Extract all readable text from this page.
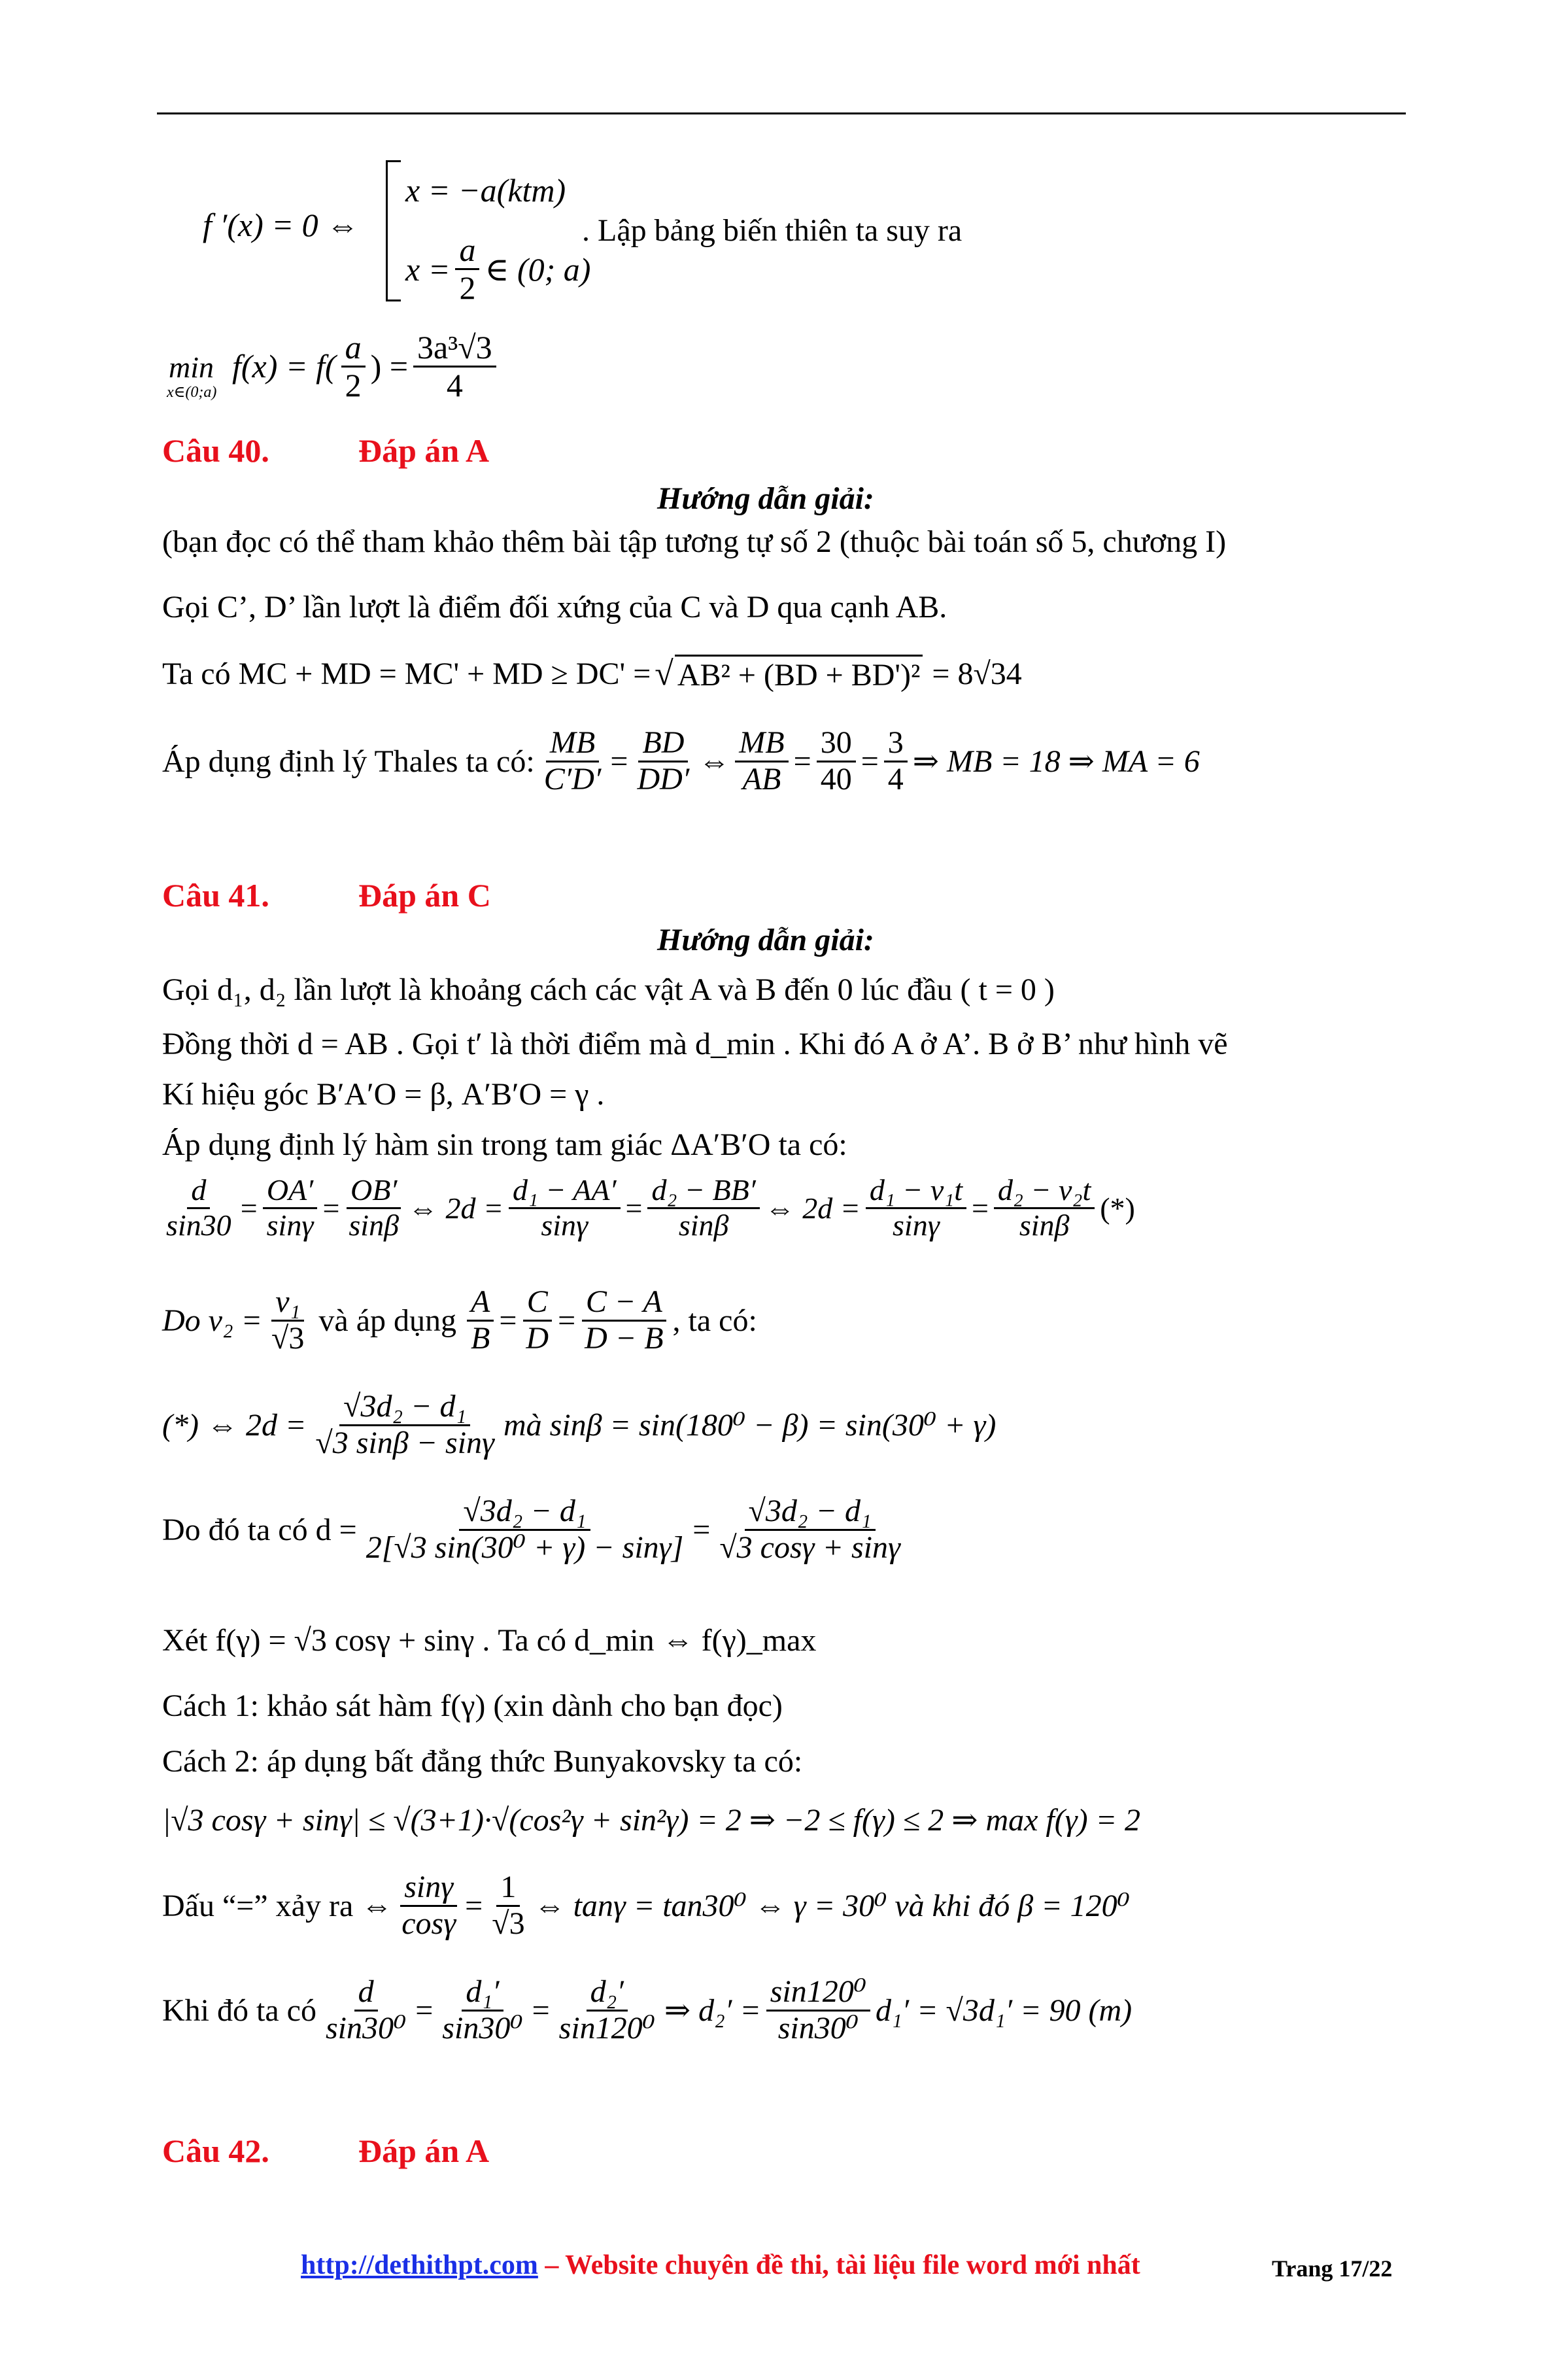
f ′(x) = 0 ⇔
x = −a(ktm)
$x = \frac{a}{2}$ ∈ (0; a)
. Lập bảng biến thiên ta suy ra
min
x∈(0;a)
$f(x) = f( \frac{a}{2}$ ) = $\frac{\text{3a³√3}}{4}$
Câu 40.	Đáp án A
Hướng dẫn giải:
(bạn đọc có thể tham khảo thêm bài tập tương tự số 2 (thuộc bài toán số 5, chương I)
Gọi C’, D’ lần lượt là điểm đối xứng của C và D qua cạnh AB.
Ta có MC + MD = MC' + MD ≥ DC' = √ AB² + (BD + BD')² = 8√34
Áp dụng định lý Thales ta có: $\frac{MB}{C'D'} = \frac{BD}{DD'}$ ⇔ $\frac{MB}{AB} = \frac{30}{40} = \frac{3}{4}$ ⇒ MB = 18 ⇒ MA = 6
Câu 41.	Đáp án C
Hướng dẫn giải:
Gọi d₁, d₂ lần lượt là khoảng cách các vật A và B đến 0 lúc đầu ( t = 0 )
Đồng thời d = AB . Gọi t′ là thời điểm mà d_min . Khi đó A ở A’. B ở B’ như hình vẽ
Kí hiệu góc B′A′O = β, A′B′O = γ .
Áp dụng định lý hàm sin trong tam giác ΔA′B′O ta có:
$\frac{d}{\sin 30} = \frac{OA'}{\sin\gamma} = \frac{OB'}{\sin\beta}$ ⇔ $2d = \frac{\text{d₁ − AA′}}{\sin\gamma} = \frac{\text{d₂ − BB′}}{\sin\beta}$ ⇔ $2d = \frac{\text{d₁ − v₁t}}{\sin\gamma} = \frac{\text{d₂ − v₂t}}{\sin\beta}$ (*)
Do $v_2 = \frac{\text{v₁}}{√3}$ và áp dụng $\frac{A}{B} = \frac{C}{D} = \frac{C - A}{D - B}$ , ta có:
(*) ⇔ $2d = \frac{\text{√3d₂ − d₁}}{√3 \sin\beta - \sin\gamma}$ mà sinβ = sin(180⁰ − β) = sin(30⁰ + γ)
Do đó ta có $d = \frac{\text{√3d₂ − d₁}}{\text{2[√3 sin(30⁰ + γ) − sinγ]}} = \frac{\text{√3d₂ − d₁}}{√3 \cos\gamma + \sin\gamma}$
Xét f(γ) = √3 cosγ + sinγ . Ta có d_min ⇔ f(γ)_max
Cách 1: khảo sát hàm f(γ) (xin dành cho bạn đọc)
Cách 2: áp dụng bất đẳng thức Bunyakovsky ta có:
|√3 cosγ + sinγ| ≤ √(3+1)·√(cos²γ + sin²γ) = 2 ⇒ −2 ≤ f(γ) ≤ 2 ⇒ max f(γ) = 2
Dấu “=” xảy ra ⇔ $\frac{\sin\gamma}{\cos\gamma} = \frac{1}{√3}$ ⇔ tanγ = tan30⁰ ⇔ γ = 30⁰ và khi đó β = 120⁰
Khi đó ta có $\frac{d}{\text{sin30⁰}} = \frac{\text{d₁′}}{\text{sin30⁰}} = \frac{\text{d₂′}}{\text{sin120⁰}}$ ⇒ $d_2' = \frac{\text{sin120⁰}}{\text{sin30⁰}} d_1' = √3d_1' = 90$ (m)
Câu 42.	Đáp án A
http://dethithpt.com – Website chuyên đề thi, tài liệu file word mới nhất	Trang 17/22
